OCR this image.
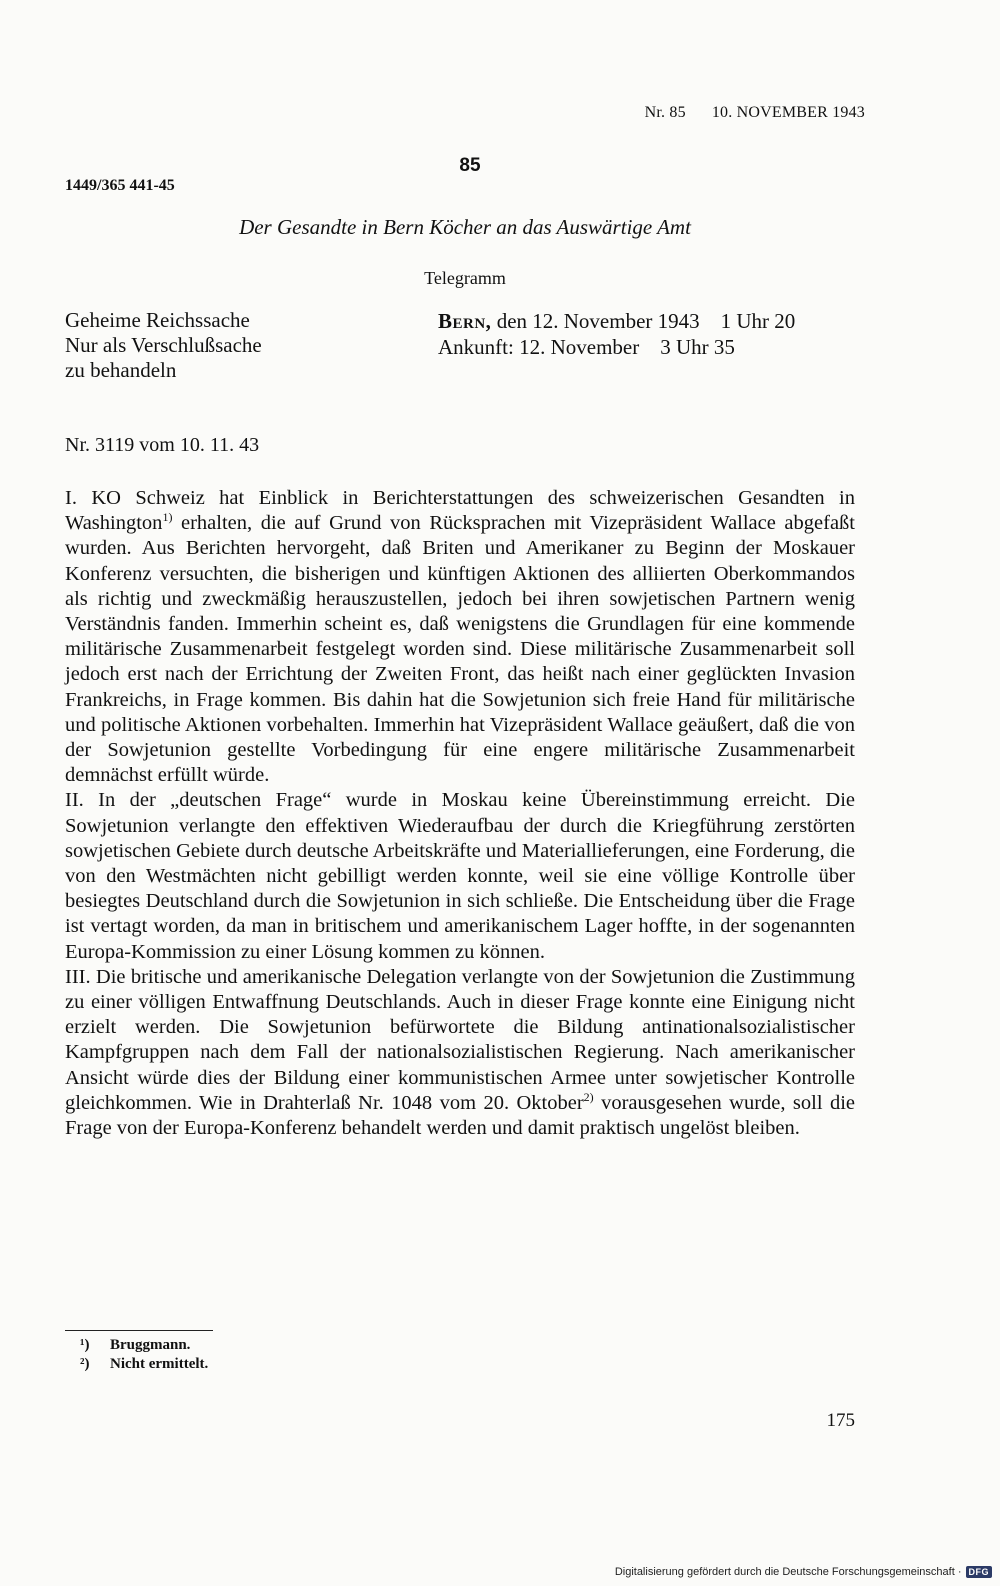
Nr. 85 10. NOVEMBER 1943
85
1449/365 441-45
Der Gesandte in Bern Köcher an das Auswärtige Amt
Telegramm
Geheime Reichssache
Nur als Verschlußsache
zu behandeln
Bern, den 12. November 1943    1 Uhr 20
Ankunft: 12. November    3 Uhr 35
Nr. 3119 vom 10. 11. 43

I. KO Schweiz hat Einblick in Berichterstattungen des schweizerischen Gesandten in Washington$^{1)}$ erhalten, die auf Grund von Rücksprachen mit Vizepräsident Wallace abgefaßt wurden. Aus Berichten hervorgeht, daß Briten und Amerikaner zu Beginn der Moskauer Konferenz versuchten, die bisherigen und künftigen Aktionen des alliierten Oberkommandos als richtig und zweckmäßig herauszustellen, jedoch bei ihren sowjetischen Partnern wenig Verständnis fanden. Immerhin scheint es, daß wenigstens die Grundlagen für eine kommende militärische Zusammenarbeit festgelegt worden sind. Diese militärische Zusammenarbeit soll jedoch erst nach der Errichtung der Zweiten Front, das heißt nach einer geglückten Invasion Frankreichs, in Frage kommen. Bis dahin hat die Sowjetunion sich freie Hand für militärische und politische Aktionen vorbehalten. Immerhin hat Vizepräsident Wallace geäußert, daß die von der Sowjetunion gestellte Vorbedingung für eine engere militärische Zusammenarbeit demnächst erfüllt würde.

II. In der „deutschen Frage“ wurde in Moskau keine Übereinstimmung erreicht. Die Sowjetunion verlangte den effektiven Wiederaufbau der durch die Kriegführung zerstörten sowjetischen Gebiete durch deutsche Arbeitskräfte und Materiallieferungen, eine Forderung, die von den Westmächten nicht gebilligt werden konnte, weil sie eine völlige Kontrolle über besiegtes Deutschland durch die Sowjetunion in sich schließe. Die Entscheidung über die Frage ist vertagt worden, da man in britischem und amerikanischem Lager hoffte, in der sogenannten Europa-Kommission zu einer Lösung kommen zu können.

III. Die britische und amerikanische Delegation verlangte von der Sowjetunion die Zustimmung zu einer völligen Entwaffnung Deutschlands. Auch in dieser Frage konnte eine Einigung nicht erzielt werden. Die Sowjetunion befürwortete die Bildung antinationalsozialistischer Kampfgruppen nach dem Fall der nationalsozialistischen Regierung. Nach amerikanischer Ansicht würde dies der Bildung einer kommunistischen Armee unter sowjetischer Kontrolle gleichkommen. Wie in Drahterlaß Nr. 1048 vom 20. Oktober$^{2)}$ vorausgesehen wurde, soll die Frage von der Europa-Konferenz behandelt werden und damit praktisch ungelöst bleiben.

¹) Bruggmann.
²) Nicht ermittelt.
175
Digitalisierung gefördert durch die Deutsche Forschungsgemeinschaft · DFG
